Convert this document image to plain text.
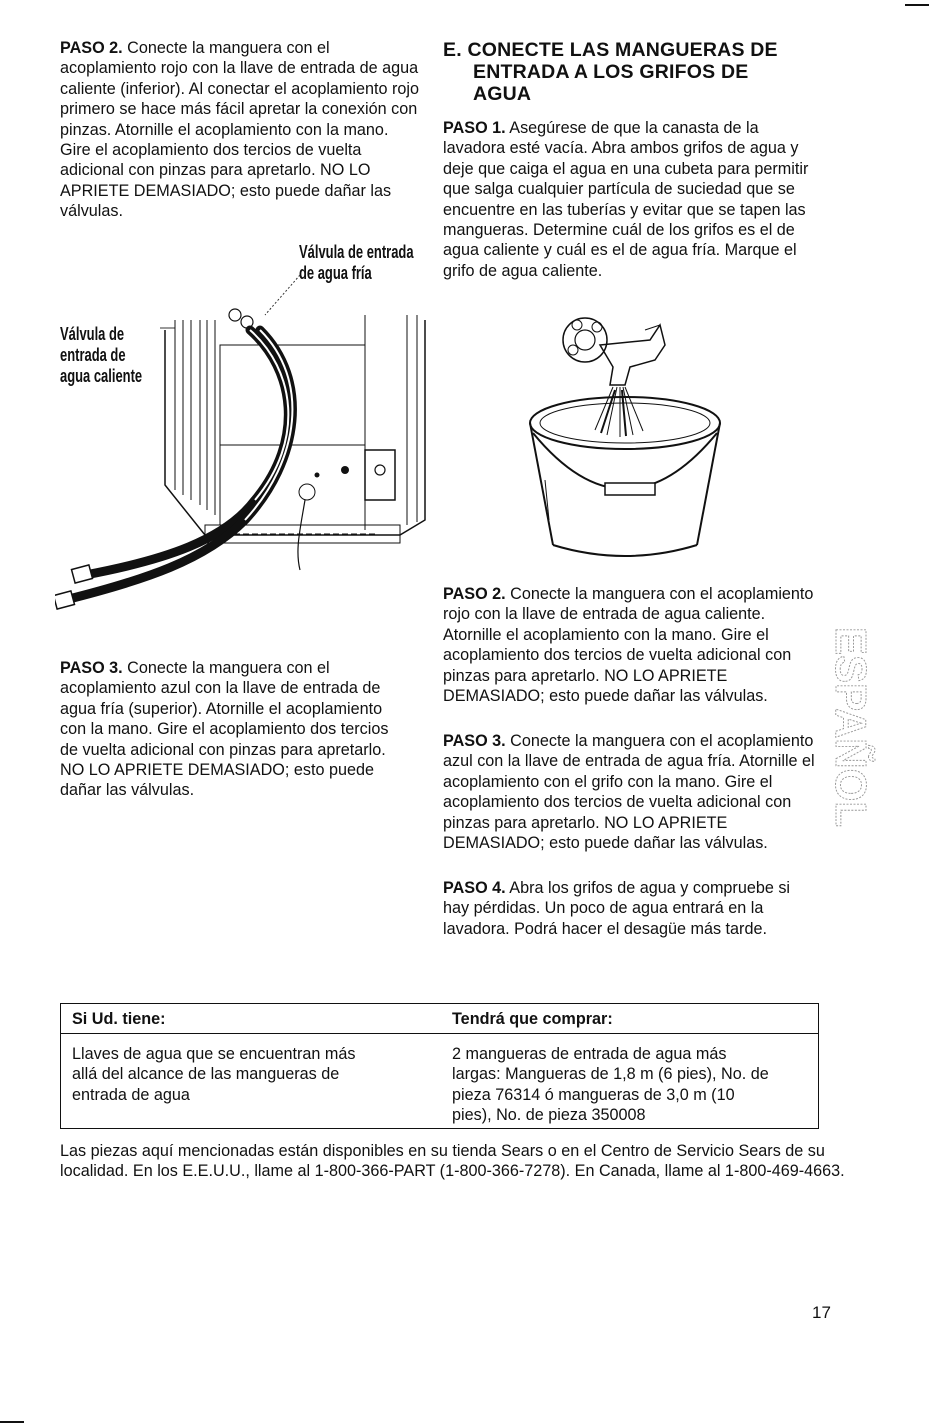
PASO 2. Conecte la manguera con el acoplamiento rojo con la llave de entrada de agua caliente (inferior). Al conectar el acoplamiento rojo primero se hace más fácil apretar la conexión con pinzas. Atornille el acoplamiento con la mano. Gire el acoplamiento dos tercios de vuelta adicional con pinzas para apretarlo. NO LO APRIETE DEMASIADO; esto puede dañar las válvulas.

Válvula de entrada
de agua fría
Válvula de
entrada de
agua caliente

PASO 3. Conecte la manguera con el acoplamiento azul con la llave de entrada de agua fría (superior). Atornille el acoplamiento con la mano. Gire el acoplamiento dos tercios de vuelta adicional con pinzas para apretarlo. NO LO APRIETE DEMASIADO; esto puede dañar las válvulas.

E. CONECTE LAS MANGUERAS DE
ENTRADA A LOS GRIFOS DE
AGUA

PASO 1. Asegúrese de que la canasta de la lavadora esté vacía. Abra ambos grifos de agua y deje que caiga el agua en una cubeta para permitir que salga cualquier partícula de suciedad que se encuentre en las tuberías y evitar que se tapen las mangueras. Determine cuál de los grifos es el de agua caliente y cuál es el de agua fría. Marque el grifo de agua caliente.

PASO 2. Conecte la manguera con el acoplamiento rojo con la llave de entrada de agua caliente. Atornille el acoplamiento con la mano. Gire el acoplamiento dos tercios de vuelta adicional con pinzas para apretarlo. NO LO APRIETE DEMASIADO; esto puede dañar las válvulas.

PASO 3. Conecte la manguera con el acoplamiento azul con la llave de entrada de agua fría. Atornille el acoplamiento con el grifo con la mano. Gire el acoplamiento dos tercios de vuelta adicional con pinzas para apretarlo. NO LO APRIETE DEMASIADO; esto puede dañar las válvulas.

PASO 4. Abra los grifos de agua y compruebe si hay pérdidas. Un poco de agua entrará en la lavadora. Podrá hacer el desagüe más tarde.

ESPAÑOL
Si Ud. tiene:	Tendrá que comprar:
Llaves de agua que se encuentran más allá del alcance de las mangueras de entrada de agua
2 mangueras de entrada de agua más largas: Mangueras de 1,8 m (6 pies), No. de pieza 76314 ó mangueras de 3,0 m (10 pies), No. de pieza 350008
Las piezas aquí mencionadas están disponibles en su tienda Sears o en el Centro de Servicio Sears de su localidad. En los E.E.U.U., llame al 1-800-366-PART (1-800-366-7278). En Canada, llame al 1-800-469-4663.
17
